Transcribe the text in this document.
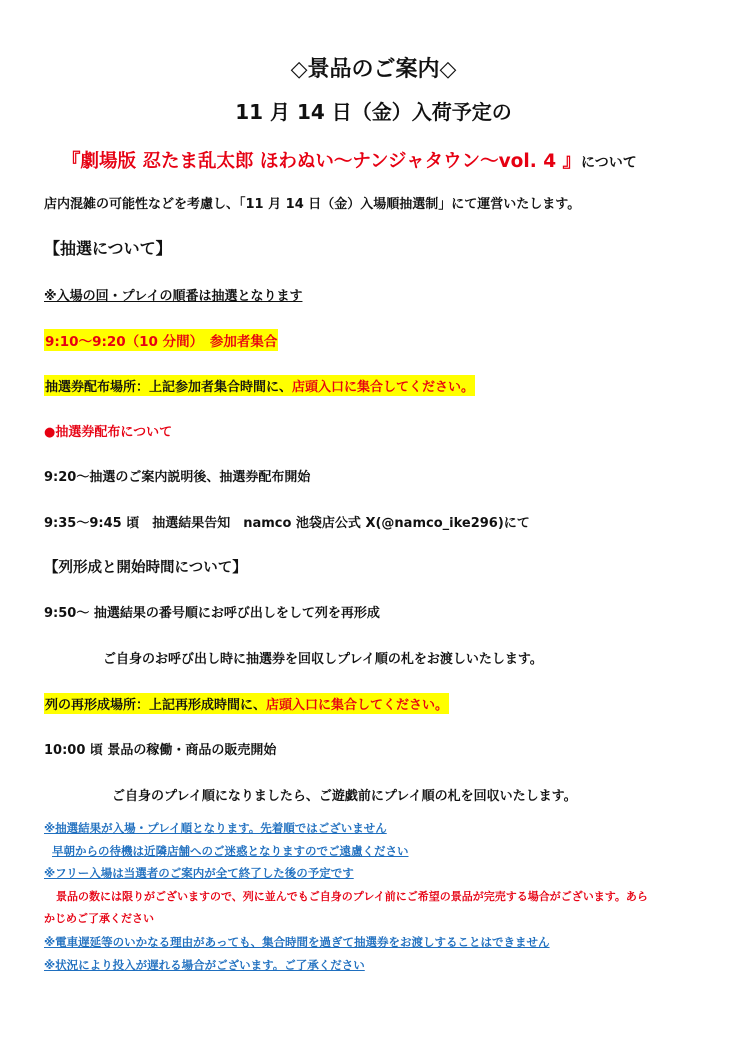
◇景品のご案内◇
11 月 14 日（金）入荷予定の
『劇場版 忍たま乱太郎 ほわぬい〜ナンジャタウン〜vol. 4 』について
店内混雑の可能性などを考慮し、「11 月 14 日（金）入場順抽選制」にて運営いたします。
【抽選について】
※入場の回・プレイの順番は抽選となります
9:10〜9:20（10 分間）　参加者集合
抽選券配布場所：上記参加者集合時間に、店頭入口に集合してください。
●抽選券配布について
9:20〜抽選のご案内説明後、抽選券配布開始
9:35〜9:45 頃　抽選結果告知　namco 池袋店公式 X(@namco_ike296)にて
【列形成と開始時間について】
9:50〜 抽選結果の番号順にお呼び出しをして列を再形成
ご自身のお呼び出し時に抽選券を回収しプレイ順の札をお渡しいたします。
列の再形成場所：上記再形成時間に、店頭入口に集合してください。
10:00 頃 景品の稼働・商品の販売開始
ご自身のプレイ順になりましたら、ご遊戯前にプレイ順の札を回収いたします。
※抽選結果が入場・プレイ順となります。先着順ではございません
早朝からの待機は近隣店舗へのご迷惑となりますのでご遠慮ください
※フリー入場は当選者のご案内が全て終了した後の予定です
景品の数には限りがございますので、列に並んでもご自身のプレイ前にご希望の景品が完売する場合がございます。あら
かじめご了承ください
※電車遅延等のいかなる理由があっても、集合時間を過ぎて抽選券をお渡しすることはできません
※状況により投入が遅れる場合がございます。ご了承ください
